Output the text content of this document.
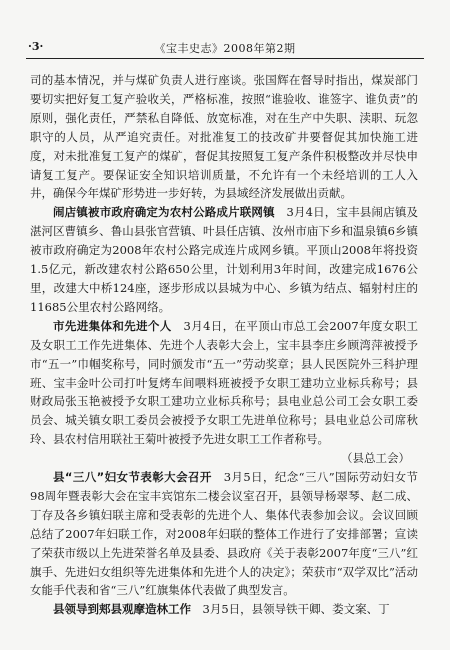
·3·	《宝丰史志》2008年第2期

司的基本情况，并与煤矿负责人进行座谈。张国辉在督导时指出，煤炭部门要切实把好复工复产验收关，严格标准，按照“谁验收、谁签字、谁负责”的原则，强化责任，严禁私自降低、放宽标准，对在生产中失职、渎职、玩忽职守的人员，从严追究责任。对批准复工的技改矿井要督促其加快施工进度，对未批准复工复产的煤矿，督促其按照复工复产条件积极整改并尽快申请复工复产。要保证安全知识培训质量，不允许有一个未经培训的工人入井，确保今年煤矿形势进一步好转，为县域经济发展做出贡献。

闹店镇被市政府确定为农村公路成片联网镇　 3月4日，宝丰县闹店镇及湛河区曹镇乡、鲁山县张官营镇、叶县任店镇、汝州市庙下乡和温泉镇6乡镇被市政府确定为2008年农村公路完成连片成网乡镇。平顶山2008年将投资1.5亿元，新改建农村公路650公里，计划利用3年时间，改建完成1676公里，改建大中桥124座，逐步形成以县城为中心、乡镇为结点、辐射村庄的11685公里农村公路网络。

市先进集体和先进个人　 3月4日，在平顶山市总工会2007年度女职工及女职工工作先进集体、先进个人表彰大会上，宝丰县李庄乡顾湾萍被授予市“五一”巾帼奖称号，同时颁发市“五一”劳动奖章；县人民医院外三科护理班、宝丰金叶公司打叶复烤车间喂料班被授予女职工建功立业标兵称号；县财政局张玉艳被授予女职工建功立业标兵称号；县电业总公司工会女职工委员会、城关镇女职工委员会被授予女职工先进单位称号；县电业总公司席秋玲、县农村信用联社王菊叶被授予先进女职工工作者称号。
（县总工会）

县“三八”妇女节表彰大会召开　 3月5日，纪念“三八”国际劳动妇女节98周年暨表彰大会在宝丰宾馆东二楼会议室召开，县领导杨翠琴、赵二成、丁存及各乡镇妇联主席和受表彰的先进个人、集体代表参加会议。会议回顾总结了2007年妇联工作，对2008年妇联的整体工作进行了安排部署；宣读了荣获市级以上先进荣誉名单及县委、县政府《关于表彰2007年度“三八”红旗手、先进妇女组织等先进集体和先进个人的决定》；荣获市“双学双比”活动女能手代表和省“三八”红旗集体代表做了典型发言。

县领导到郏县观摩造林工作　 3月5日，县领导铁干卿、娄文案、丁
